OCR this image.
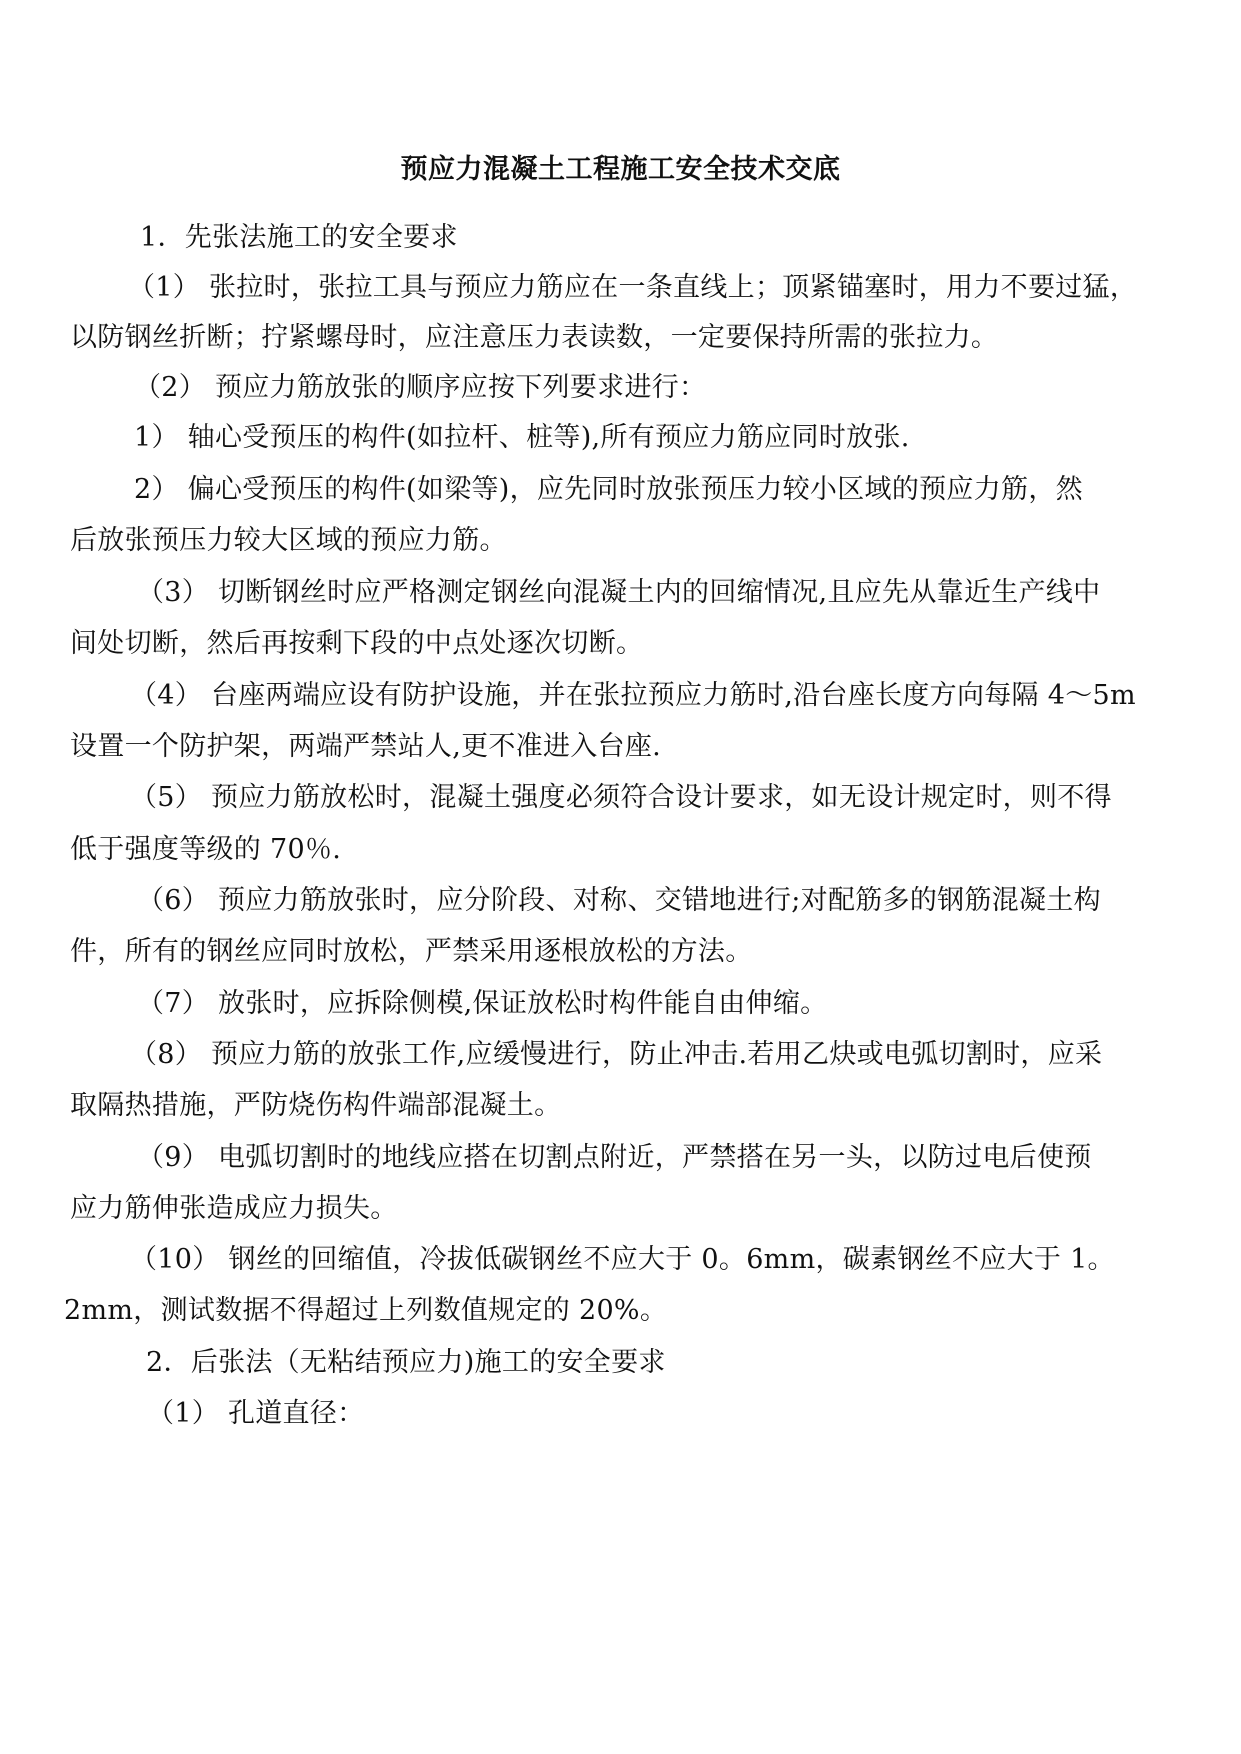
预应力混凝土工程施工安全技术交底
1．先张法施工的安全要求
（1） 张拉时，张拉工具与预应力筋应在一条直线上；顶紧锚塞时，用力不要过猛，
以防钢丝折断；拧紧螺母时，应注意压力表读数，一定要保持所需的张拉力。
（2） 预应力筋放张的顺序应按下列要求进行：
1） 轴心受预压的构件(如拉杆、桩等),所有预应力筋应同时放张.
2） 偏心受预压的构件(如梁等)，应先同时放张预压力较小区域的预应力筋，然
后放张预压力较大区域的预应力筋。
（3） 切断钢丝时应严格测定钢丝向混凝土内的回缩情况,且应先从靠近生产线中
间处切断，然后再按剩下段的中点处逐次切断。
（4） 台座两端应设有防护设施，并在张拉预应力筋时,沿台座长度方向每隔 4～5m
设置一个防护架，两端严禁站人,更不准进入台座.
（5） 预应力筋放松时，混凝土强度必须符合设计要求，如无设计规定时，则不得
低于强度等级的 70％.
（6） 预应力筋放张时，应分阶段、对称、交错地进行;对配筋多的钢筋混凝土构
件，所有的钢丝应同时放松，严禁采用逐根放松的方法。
（7） 放张时，应拆除侧模,保证放松时构件能自由伸缩。
（8） 预应力筋的放张工作,应缓慢进行，防止冲击.若用乙炔或电弧切割时，应采
取隔热措施，严防烧伤构件端部混凝土。
（9） 电弧切割时的地线应搭在切割点附近，严禁搭在另一头，以防过电后使预
应力筋伸张造成应力损失。
（10） 钢丝的回缩值，冷拔低碳钢丝不应大于 0。6mm，碳素钢丝不应大于 1。
2mm，测试数据不得超过上列数值规定的 20%。
2．后张法（无粘结预应力)施工的安全要求
（1） 孔道直径：
